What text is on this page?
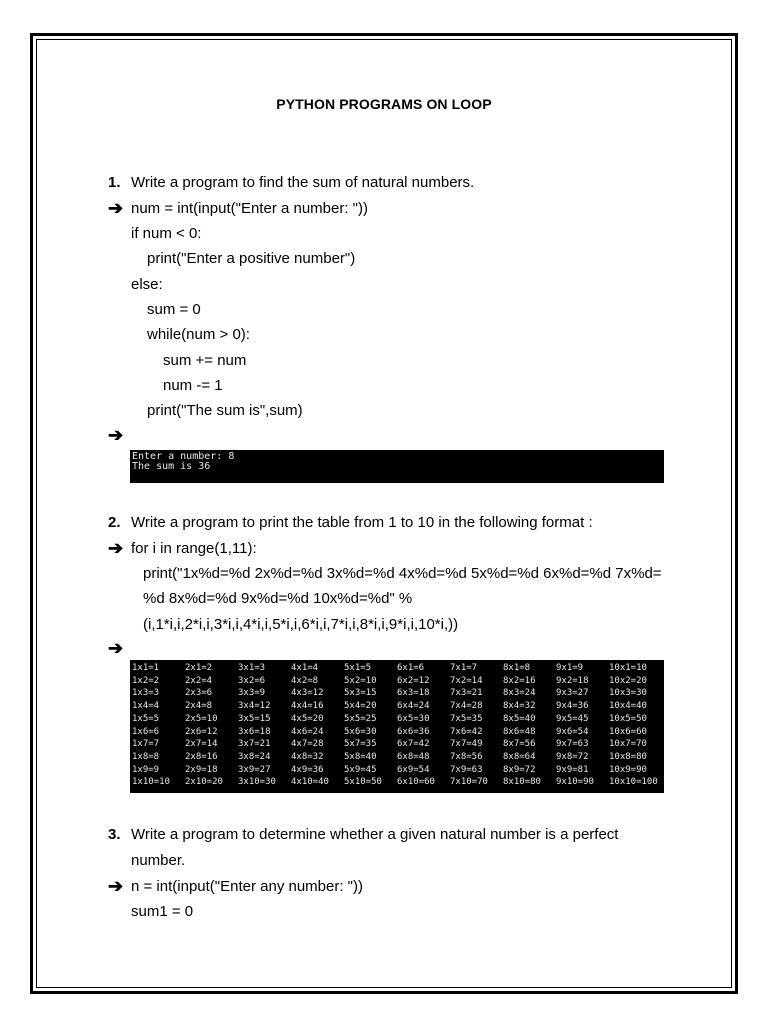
PYTHON PROGRAMS ON LOOP
1. Write a program to find the sum of natural numbers.
➔ num = int(input("Enter a number: "))
if num < 0:
print("Enter a positive number")
else:
sum = 0
while(num > 0):
sum += num
num -= 1
print("The sum is",sum)
➔
Enter a number: 8
The sum is 36
2. Write a program to print the table from 1 to 10 in the following format :
➔ for i in range(1,11):
print("1x%d=%d 2x%d=%d 3x%d=%d 4x%d=%d 5x%d=%d 6x%d=%d 7x%d=
%d 8x%d=%d 9x%d=%d 10x%d=%d" %
(i,1*i,i,2*i,i,3*i,i,4*i,i,5*i,i,6*i,i,7*i,i,8*i,i,9*i,i,10*i,))
➔
1x1=1	2x1=2	3x1=3	4x1=4	5x1=5	6x1=6	7x1=7	8x1=8	9x1=9	10x1=10
1x2=2	2x2=4	3x2=6	4x2=8	5x2=10	6x2=12	7x2=14	8x2=16	9x2=18	10x2=20
1x3=3	2x3=6	3x3=9	4x3=12	5x3=15	6x3=18	7x3=21	8x3=24	9x3=27	10x3=30
1x4=4	2x4=8	3x4=12	4x4=16	5x4=20	6x4=24	7x4=28	8x4=32	9x4=36	10x4=40
1x5=5	2x5=10	3x5=15	4x5=20	5x5=25	6x5=30	7x5=35	8x5=40	9x5=45	10x5=50
1x6=6	2x6=12	3x6=18	4x6=24	5x6=30	6x6=36	7x6=42	8x6=48	9x6=54	10x6=60
1x7=7	2x7=14	3x7=21	4x7=28	5x7=35	6x7=42	7x7=49	8x7=56	9x7=63	10x7=70
1x8=8	2x8=16	3x8=24	4x8=32	5x8=40	6x8=48	7x8=56	8x8=64	9x8=72	10x8=80
1x9=9	2x9=18	3x9=27	4x9=36	5x9=45	6x9=54	7x9=63	8x9=72	9x9=81	10x9=90
1x10=10	2x10=20	3x10=30	4x10=40	5x10=50	6x10=60	7x10=70	8x10=80	9x10=90	10x10=100
3. Write a program to determine whether a given natural number is a perfect
number.
➔ n = int(input("Enter any number: "))
sum1 = 0
